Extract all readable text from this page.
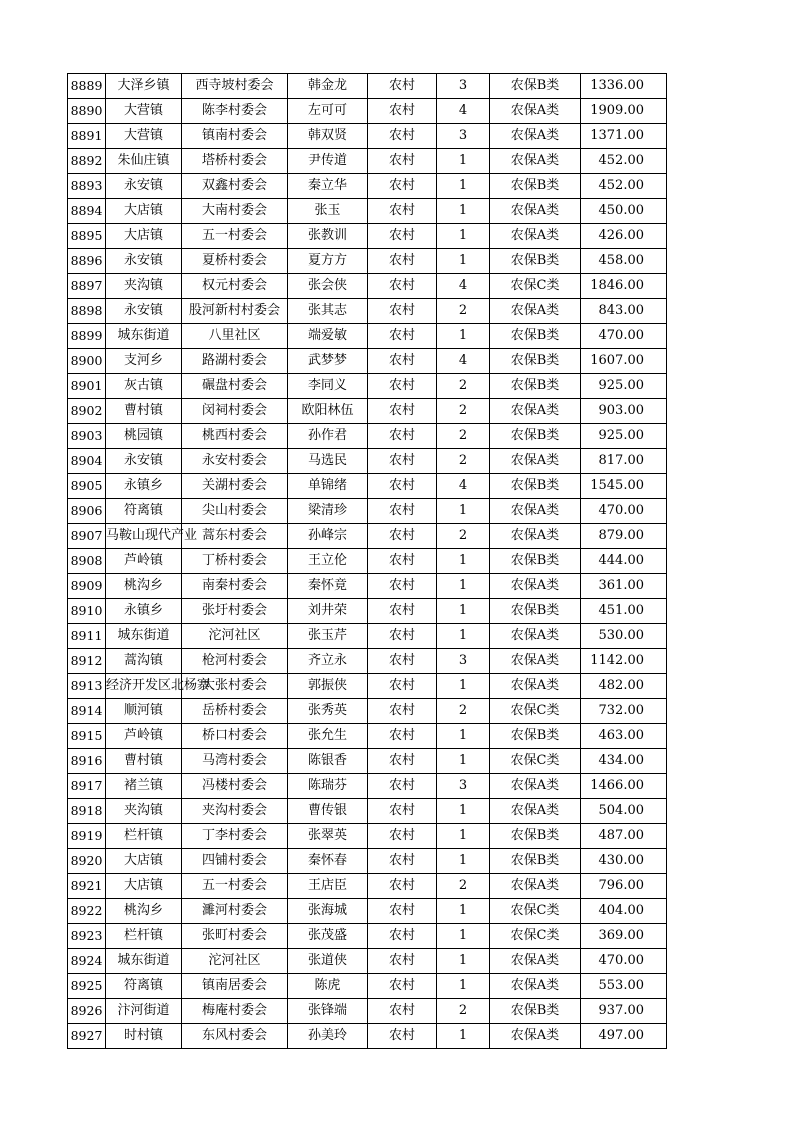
8889	大泽乡镇	西寺坡村委会	韩金龙	农村	3	农保B类	1336.00
8890	大营镇	陈李村委会	左可可	农村	4	农保A类	1909.00
8891	大营镇	镇南村委会	韩双贤	农村	3	农保A类	1371.00
8892	朱仙庄镇	塔桥村委会	尹传道	农村	1	农保A类	452.00
8893	永安镇	双鑫村委会	秦立华	农村	1	农保B类	452.00
8894	大店镇	大南村委会	张玉	农村	1	农保A类	450.00
8895	大店镇	五一村委会	张教训	农村	1	农保A类	426.00
8896	永安镇	夏桥村委会	夏方方	农村	1	农保B类	458.00
8897	夹沟镇	权元村委会	张会侠	农村	4	农保C类	1846.00
8898	永安镇	股河新村村委会	张其志	农村	2	农保A类	843.00
8899	城东街道	八里社区	端爱敏	农村	1	农保B类	470.00
8900	支河乡	路湖村委会	武梦梦	农村	4	农保B类	1607.00
8901	灰古镇	碾盘村委会	李同义	农村	2	农保B类	925.00
8902	曹村镇	闵祠村委会	欧阳林伍	农村	2	农保A类	903.00
8903	桃园镇	桃西村委会	孙作君	农村	2	农保B类	925.00
8904	永安镇	永安村委会	马选民	农村	2	农保A类	817.00
8905	永镇乡	关湖村委会	单锦绪	农村	4	农保B类	1545.00
8906	符离镇	尖山村委会	梁清珍	农村	1	农保A类	470.00
8907	马鞍山现代产业	蒿东村委会	孙峰宗	农村	2	农保A类	879.00
8908	芦岭镇	丁桥村委会	王立伦	农村	1	农保B类	444.00
8909	桃沟乡	南秦村委会	秦怀竟	农村	1	农保A类	361.00
8910	永镇乡	张圩村委会	刘井荣	农村	1	农保B类	451.00
8911	城东街道	沱河社区	张玉芹	农村	1	农保A类	530.00
8912	蒿沟镇	枪河村委会	齐立永	农村	3	农保A类	1142.00
8913	经济开发区北杨寨	大张村委会	郭振侠	农村	1	农保A类	482.00
8914	顺河镇	岳桥村委会	张秀英	农村	2	农保C类	732.00
8915	芦岭镇	桥口村委会	张允生	农村	1	农保B类	463.00
8916	曹村镇	马湾村委会	陈银香	农村	1	农保C类	434.00
8917	褚兰镇	冯楼村委会	陈瑞芬	农村	3	农保A类	1466.00
8918	夹沟镇	夹沟村委会	曹传银	农村	1	农保A类	504.00
8919	栏杆镇	丁李村委会	张翠英	农村	1	农保B类	487.00
8920	大店镇	四铺村委会	秦怀春	农村	1	农保B类	430.00
8921	大店镇	五一村委会	王店臣	农村	2	农保A类	796.00
8922	桃沟乡	濉河村委会	张海城	农村	1	农保C类	404.00
8923	栏杆镇	张町村委会	张茂盛	农村	1	农保C类	369.00
8924	城东街道	沱河社区	张道侠	农村	1	农保A类	470.00
8925	符离镇	镇南居委会	陈虎	农村	1	农保A类	553.00
8926	汴河街道	梅庵村委会	张锋端	农村	2	农保B类	937.00
8927	时村镇	东风村委会	孙美玲	农村	1	农保A类	497.00
